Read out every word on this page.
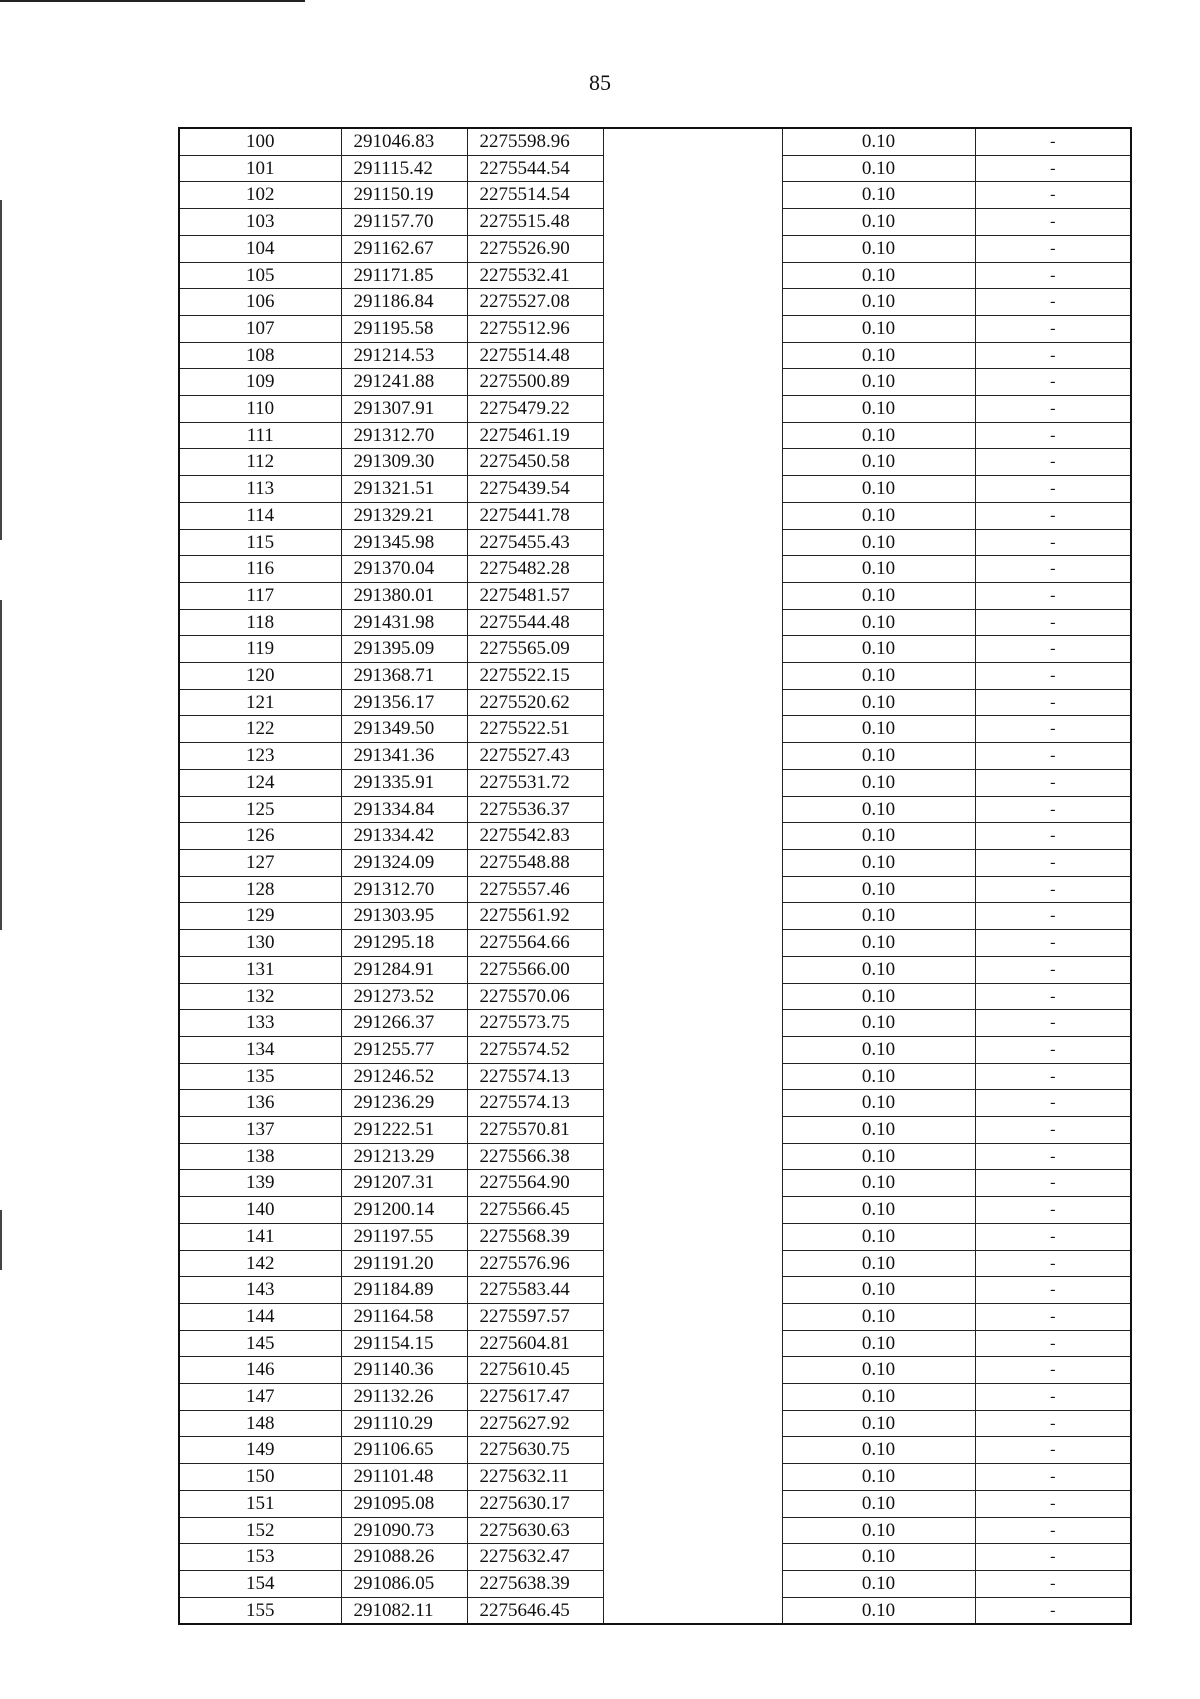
85
100	291046.83	2275598.96		0.10	-
101	291115.42	2275544.54		0.10	-
102	291150.19	2275514.54		0.10	-
103	291157.70	2275515.48		0.10	-
104	291162.67	2275526.90		0.10	-
105	291171.85	2275532.41		0.10	-
106	291186.84	2275527.08		0.10	-
107	291195.58	2275512.96		0.10	-
108	291214.53	2275514.48		0.10	-
109	291241.88	2275500.89		0.10	-
110	291307.91	2275479.22		0.10	-
111	291312.70	2275461.19		0.10	-
112	291309.30	2275450.58		0.10	-
113	291321.51	2275439.54		0.10	-
114	291329.21	2275441.78		0.10	-
115	291345.98	2275455.43		0.10	-
116	291370.04	2275482.28		0.10	-
117	291380.01	2275481.57		0.10	-
118	291431.98	2275544.48		0.10	-
119	291395.09	2275565.09		0.10	-
120	291368.71	2275522.15		0.10	-
121	291356.17	2275520.62		0.10	-
122	291349.50	2275522.51		0.10	-
123	291341.36	2275527.43		0.10	-
124	291335.91	2275531.72		0.10	-
125	291334.84	2275536.37		0.10	-
126	291334.42	2275542.83		0.10	-
127	291324.09	2275548.88		0.10	-
128	291312.70	2275557.46		0.10	-
129	291303.95	2275561.92		0.10	-
130	291295.18	2275564.66		0.10	-
131	291284.91	2275566.00		0.10	-
132	291273.52	2275570.06		0.10	-
133	291266.37	2275573.75		0.10	-
134	291255.77	2275574.52		0.10	-
135	291246.52	2275574.13		0.10	-
136	291236.29	2275574.13		0.10	-
137	291222.51	2275570.81		0.10	-
138	291213.29	2275566.38		0.10	-
139	291207.31	2275564.90		0.10	-
140	291200.14	2275566.45		0.10	-
141	291197.55	2275568.39		0.10	-
142	291191.20	2275576.96		0.10	-
143	291184.89	2275583.44		0.10	-
144	291164.58	2275597.57		0.10	-
145	291154.15	2275604.81		0.10	-
146	291140.36	2275610.45		0.10	-
147	291132.26	2275617.47		0.10	-
148	291110.29	2275627.92		0.10	-
149	291106.65	2275630.75		0.10	-
150	291101.48	2275632.11		0.10	-
151	291095.08	2275630.17		0.10	-
152	291090.73	2275630.63		0.10	-
153	291088.26	2275632.47		0.10	-
154	291086.05	2275638.39		0.10	-
155	291082.11	2275646.45		0.10	-
